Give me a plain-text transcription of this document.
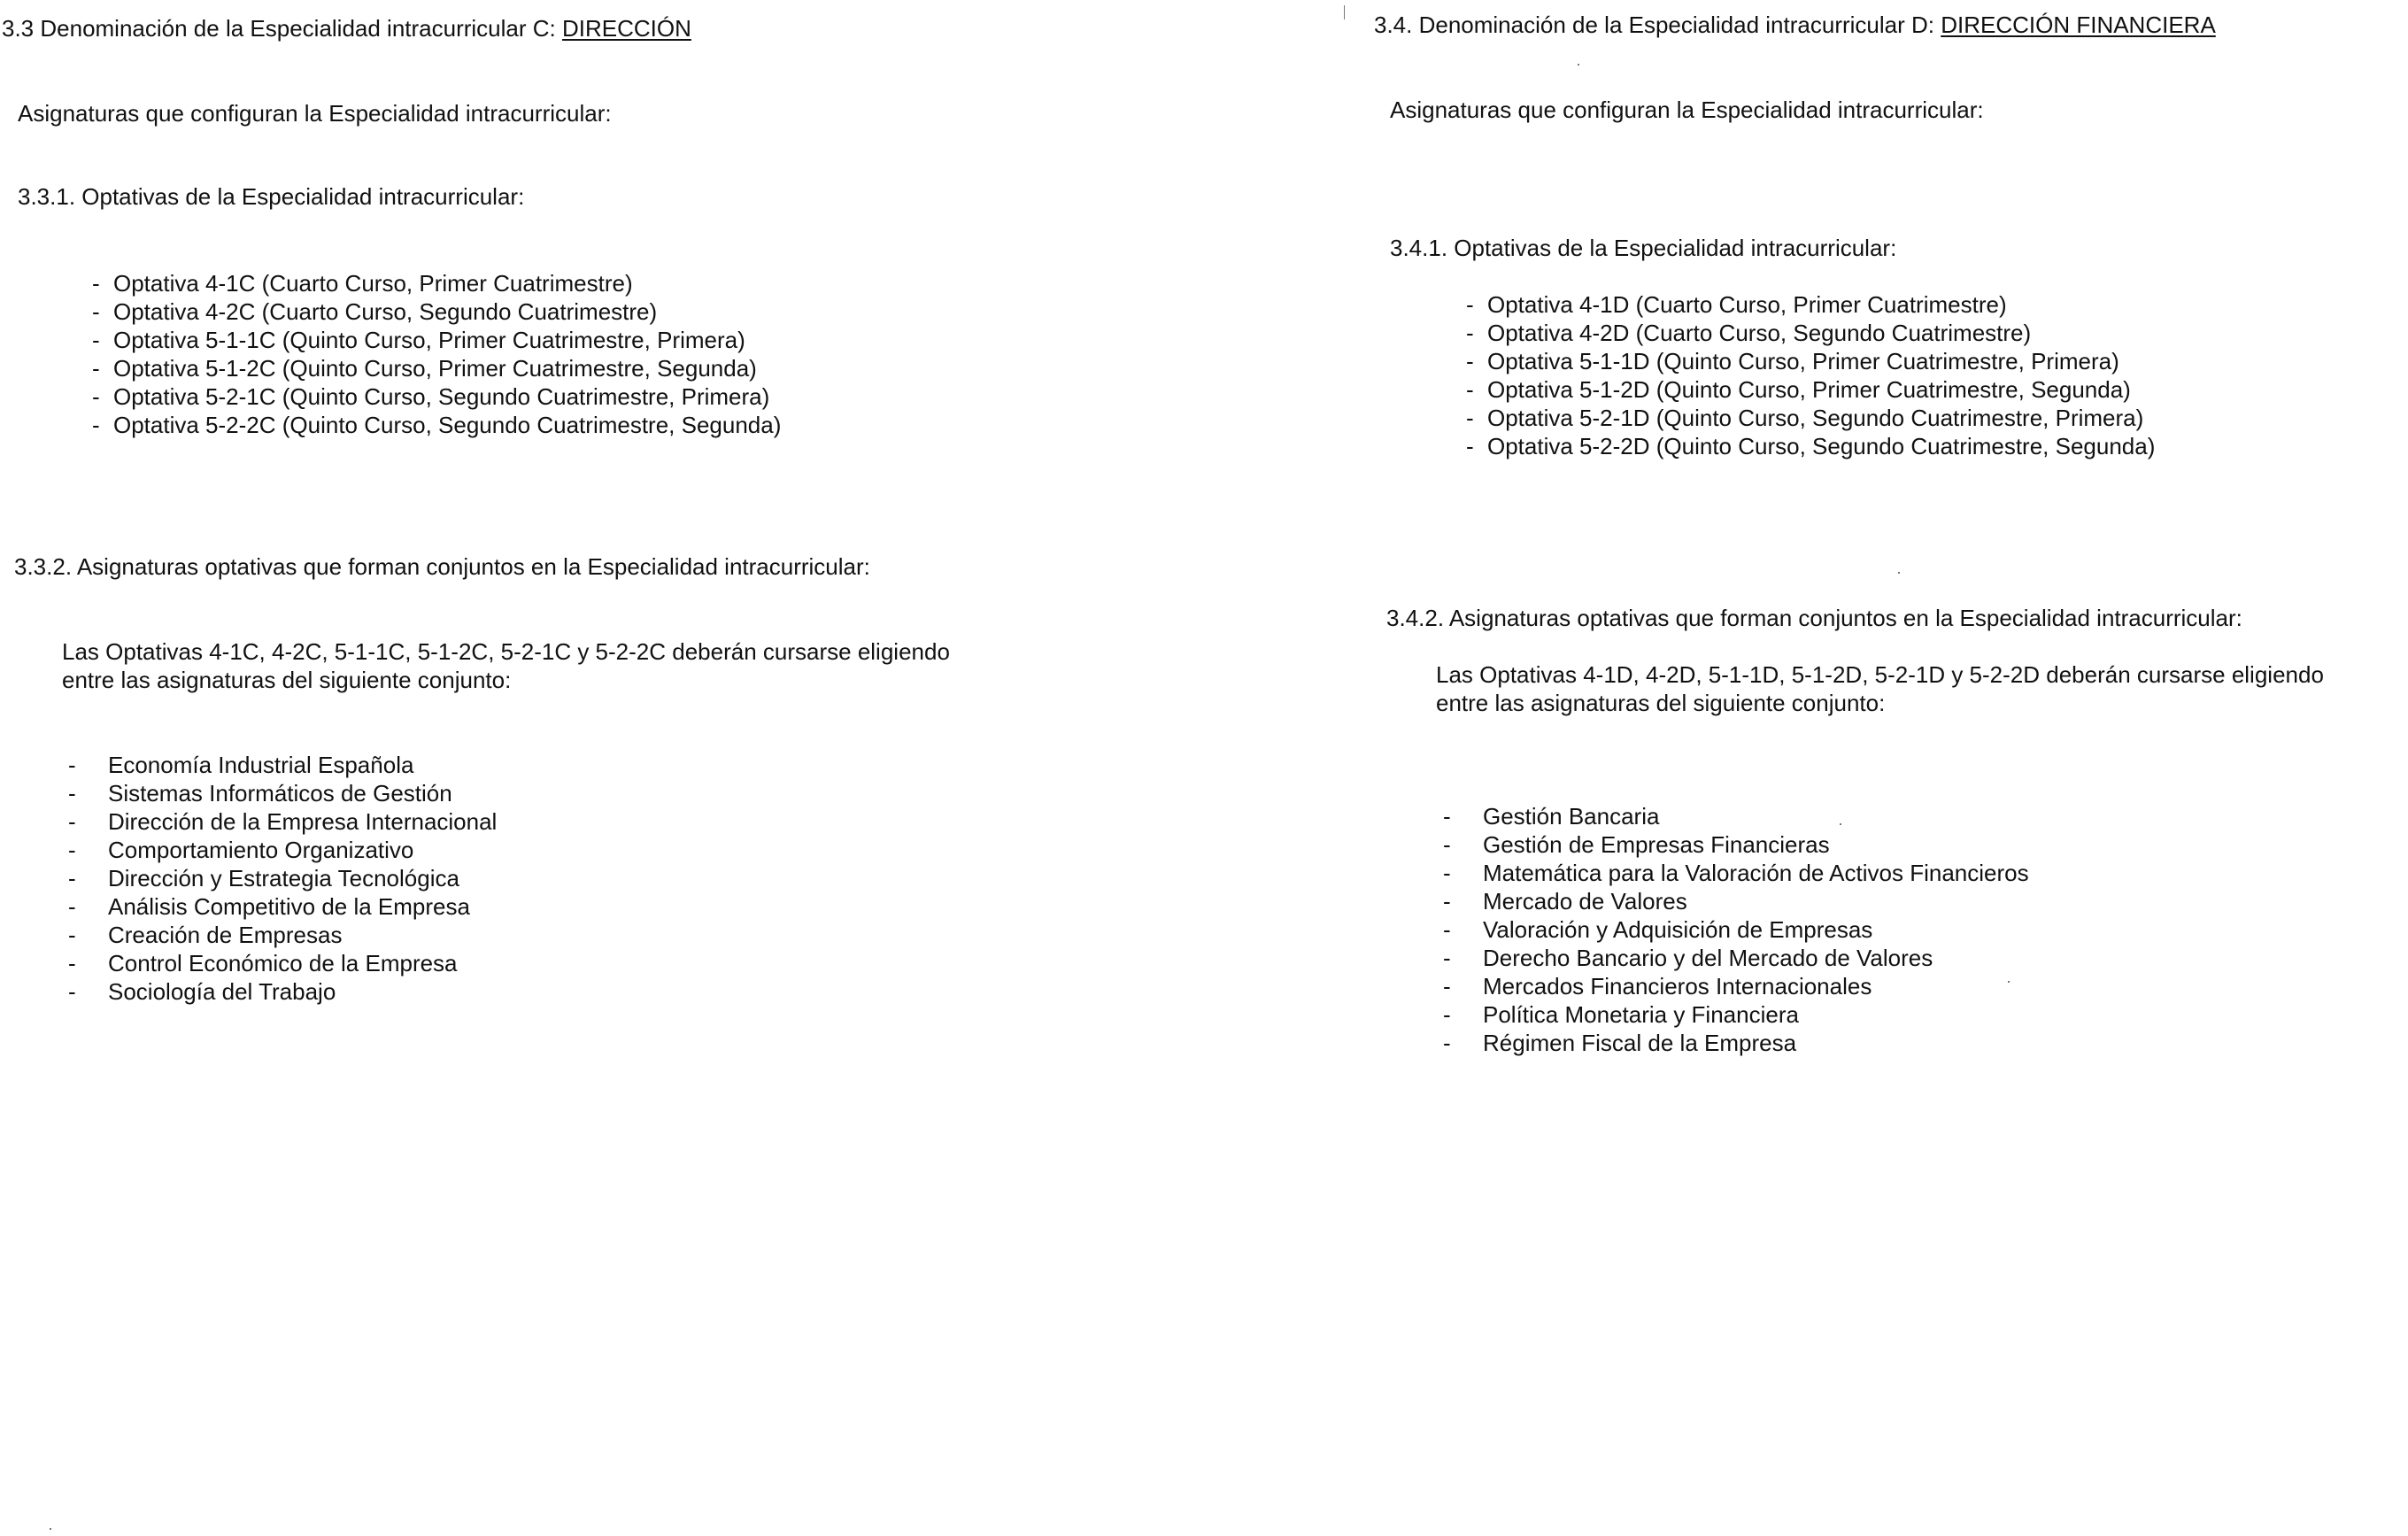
3.3 Denominación de la Especialidad intracurricular C: DIRECCIÓN

Asignaturas que configuran la Especialidad intracurricular:

3.3.1. Optativas de la Especialidad intracurricular:

- Optativa 4-1C (Cuarto Curso, Primer Cuatrimestre)
- Optativa 4-2C (Cuarto Curso, Segundo Cuatrimestre)
- Optativa 5-1-1C (Quinto Curso, Primer Cuatrimestre, Primera)
- Optativa 5-1-2C (Quinto Curso, Primer Cuatrimestre, Segunda)
- Optativa 5-2-1C (Quinto Curso, Segundo Cuatrimestre, Primera)
- Optativa 5-2-2C (Quinto Curso, Segundo Cuatrimestre, Segunda)

3.3.2. Asignaturas optativas que forman conjuntos en la Especialidad intracurricular:

Las Optativas 4-1C, 4-2C, 5-1-1C, 5-1-2C, 5-2-1C y 5-2-2C deberán cursarse eligiendo

entre las asignaturas del siguiente conjunto:

- Economía Industrial Española
- Sistemas Informáticos de Gestión
- Dirección de la Empresa Internacional
- Comportamiento Organizativo
- Dirección y Estrategia Tecnológica
- Análisis Competitivo de la Empresa
- Creación de Empresas
- Control Económico de la Empresa
- Sociología del Trabajo

3.4. Denominación de la Especialidad intracurricular D: DIRECCIÓN FINANCIERA

Asignaturas que configuran la Especialidad intracurricular:

3.4.1. Optativas de la Especialidad intracurricular:

- Optativa 4-1D (Cuarto Curso, Primer Cuatrimestre)
- Optativa 4-2D (Cuarto Curso, Segundo Cuatrimestre)
- Optativa 5-1-1D (Quinto Curso, Primer Cuatrimestre, Primera)
- Optativa 5-1-2D (Quinto Curso, Primer Cuatrimestre, Segunda)
- Optativa 5-2-1D (Quinto Curso, Segundo Cuatrimestre, Primera)
- Optativa 5-2-2D (Quinto Curso, Segundo Cuatrimestre, Segunda)

3.4.2. Asignaturas optativas que forman conjuntos en la Especialidad intracurricular:

Las Optativas 4-1D, 4-2D, 5-1-1D, 5-1-2D, 5-2-1D y 5-2-2D deberán cursarse eligiendo

entre las asignaturas del siguiente conjunto:

- Gestión Bancaria
- Gestión de Empresas Financieras
- Matemática para la Valoración de Activos Financieros
- Mercado de Valores
- Valoración y Adquisición de Empresas
- Derecho Bancario y del Mercado de Valores
- Mercados Financieros Internacionales
- Política Monetaria y Financiera
- Régimen Fiscal de la Empresa
